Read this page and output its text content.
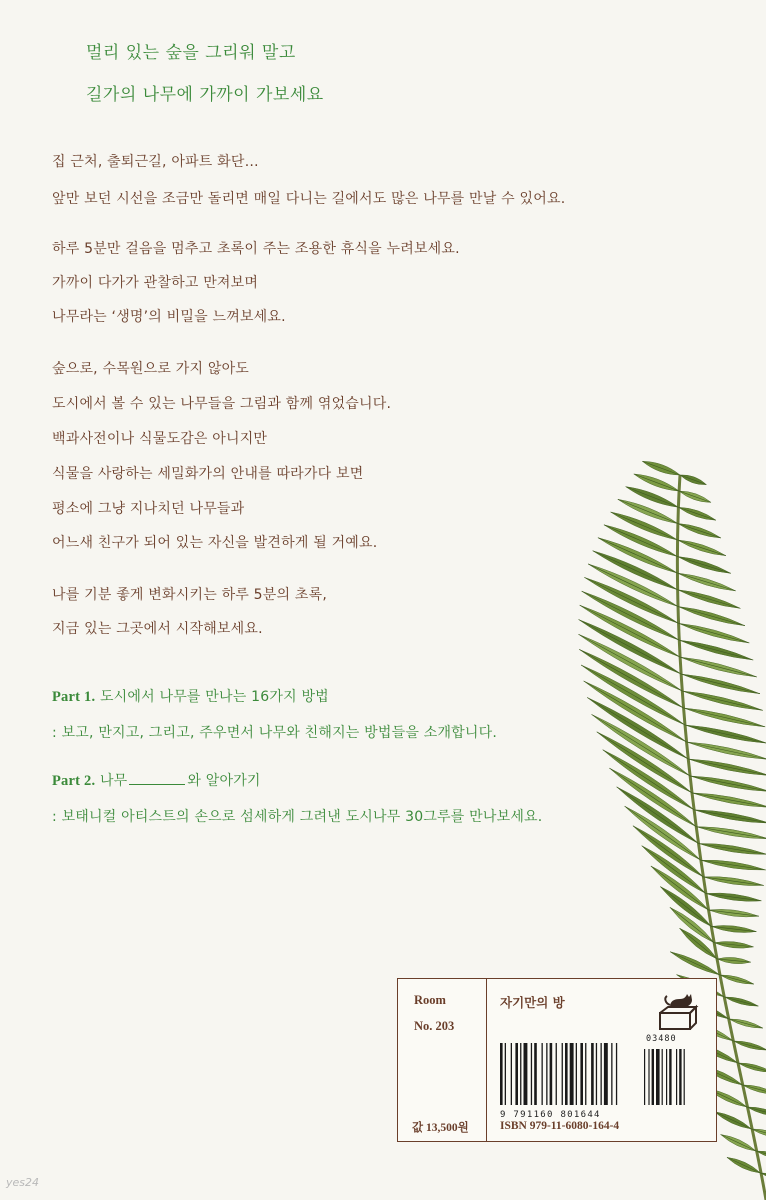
멀리 있는 숲을 그리워 말고
길가의 나무에 가까이 가보세요
집 근처, 출퇴근길, 아파트 화단…
앞만 보던 시선을 조금만 돌리면 매일 다니는 길에서도 많은 나무를 만날 수 있어요.
하루 5분만 걸음을 멈추고 초록이 주는 조용한 휴식을 누려보세요.
가까이 다가가 관찰하고 만져보며
나무라는 ‘생명’의 비밀을 느껴보세요.
숲으로, 수목원으로 가지 않아도
도시에서 볼 수 있는 나무들을 그림과 함께 엮었습니다.
백과사전이나 식물도감은 아니지만
식물을 사랑하는 세밀화가의 안내를 따라가다 보면
평소에 그냥 지나치던 나무들과
어느새 친구가 되어 있는 자신을 발견하게 될 거예요.
나를 기분 좋게 변화시키는 하루 5분의 초록,
지금 있는 그곳에서 시작해보세요.
Part 1. 도시에서 나무를 만나는 16가지 방법
: 보고, 만지고, 그리고, 주우면서 나무와 친해지는 방법들을 소개합니다.
Part 2. 나무	와 알아가기
: 보태니컬 아티스트의 손으로 섬세하게 그려낸 도시나무 30그루를 만나보세요.
Room
No. 203
자기만의 방
03480
9 791160 801644
값 13,500원	ISBN 979-11-6080-164-4
yes24
